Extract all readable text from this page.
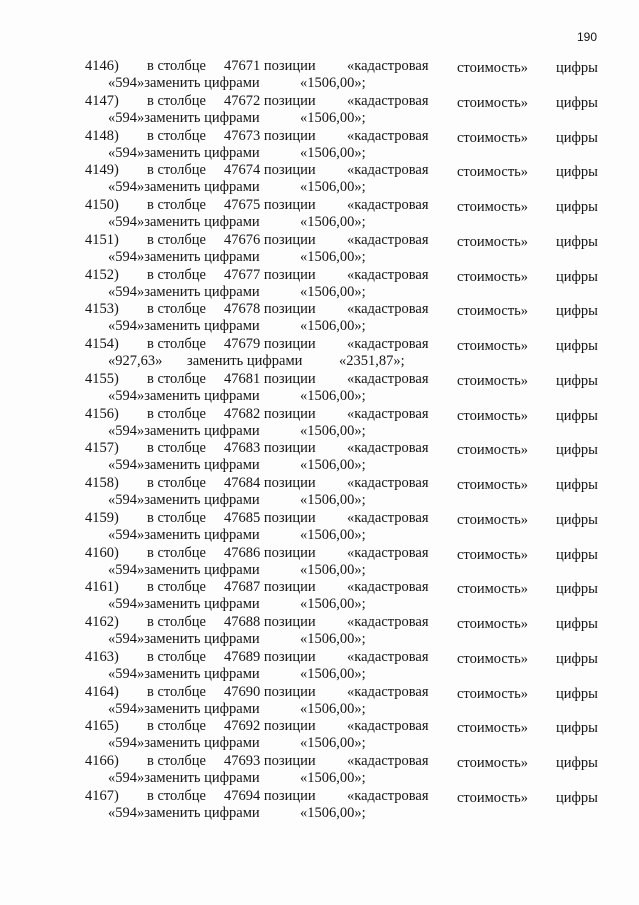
190
4146) в столбце 47671 позиции «кадастровая стоимость» цифры
«594»заменить цифрами	«1506,00»;
4147) в столбце 47672 позиции «кадастровая стоимость» цифры
«594»заменить цифрами	«1506,00»;
4148) в столбце 47673 позиции «кадастровая стоимость» цифры
«594»заменить цифрами	«1506,00»;
4149) в столбце 47674 позиции «кадастровая стоимость» цифры
«594»заменить цифрами	«1506,00»;
4150) в столбце 47675 позиции «кадастровая стоимость» цифры
«594»заменить цифрами	«1506,00»;
4151) в столбце 47676 позиции «кадастровая стоимость» цифры
«594»заменить цифрами	«1506,00»;
4152) в столбце 47677 позиции «кадастровая стоимость» цифры
«594»заменить цифрами	«1506,00»;
4153) в столбце 47678 позиции «кадастровая стоимость» цифры
«594»заменить цифрами	«1506,00»;
4154) в столбце 47679 позиции «кадастровая стоимость» цифры
«927,63»	«2351,87»;
заменить цифрами
4155) в столбце 47681 позиции «кадастровая стоимость» цифры
«594»заменить цифрами	«1506,00»;
4156) в столбце 47682 позиции «кадастровая стоимость» цифры
«594»заменить цифрами	«1506,00»;
4157) в столбце 47683 позиции «кадастровая стоимость» цифры
«594»заменить цифрами	«1506,00»;
4158) в столбце 47684 позиции «кадастровая стоимость» цифры
«594»заменить цифрами	«1506,00»;
4159) в столбце 47685 позиции «кадастровая стоимость» цифры
«594»заменить цифрами	«1506,00»;
4160) в столбце 47686 позиции «кадастровая стоимость» цифры
«594»заменить цифрами	«1506,00»;
4161) в столбце 47687 позиции «кадастровая стоимость» цифры
«594»заменить цифрами	«1506,00»;
4162) в столбце 47688 позиции «кадастровая стоимость» цифры
«594»заменить цифрами	«1506,00»;
4163) в столбце 47689 позиции «кадастровая стоимость» цифры
«594»заменить цифрами	«1506,00»;
4164) в столбце 47690 позиции «кадастровая стоимость» цифры
«594»заменить цифрами	«1506,00»;
4165) в столбце 47692 позиции «кадастровая стоимость» цифры
«594»заменить цифрами	«1506,00»;
4166) в столбце 47693 позиции «кадастровая стоимость» цифры
«594»заменить цифрами	«1506,00»;
4167) в столбце 47694 позиции «кадастровая стоимость» цифры
«594»заменить цифрами	«1506,00»;
